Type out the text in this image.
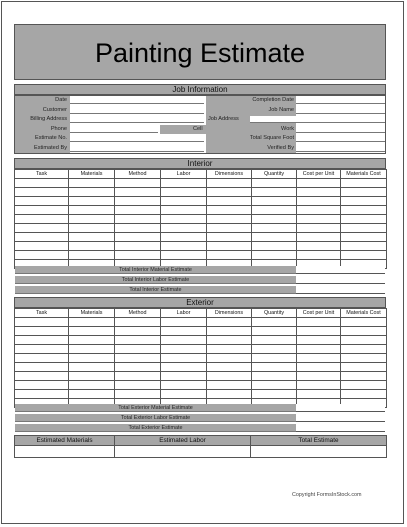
Painting Estimate
Job Information
Date
Customer
Billing Address
Phone
Estimate No.
Estimated By
Cell
Completion Date
Job Name
Job Address
Work
Total Square Foot
Verified By
Interior
Task	Materials	Method	Labor	Dimensions	Quantity	Cost per Unit	Materials Cost

Total Interior Material Estimate
Total Interior Labor Estimate
Total Interior Estimate
Exterior
Task	Materials	Method	Labor	Dimensions	Quantity	Cost per Unit	Materials Cost

Total Exterior Material Estimate
Total Exterior Labor Estimate
Total Exterior Estimate
Estimated Materials	Estimated Labor	Total Estimate

Copyright FormsInStock.com
